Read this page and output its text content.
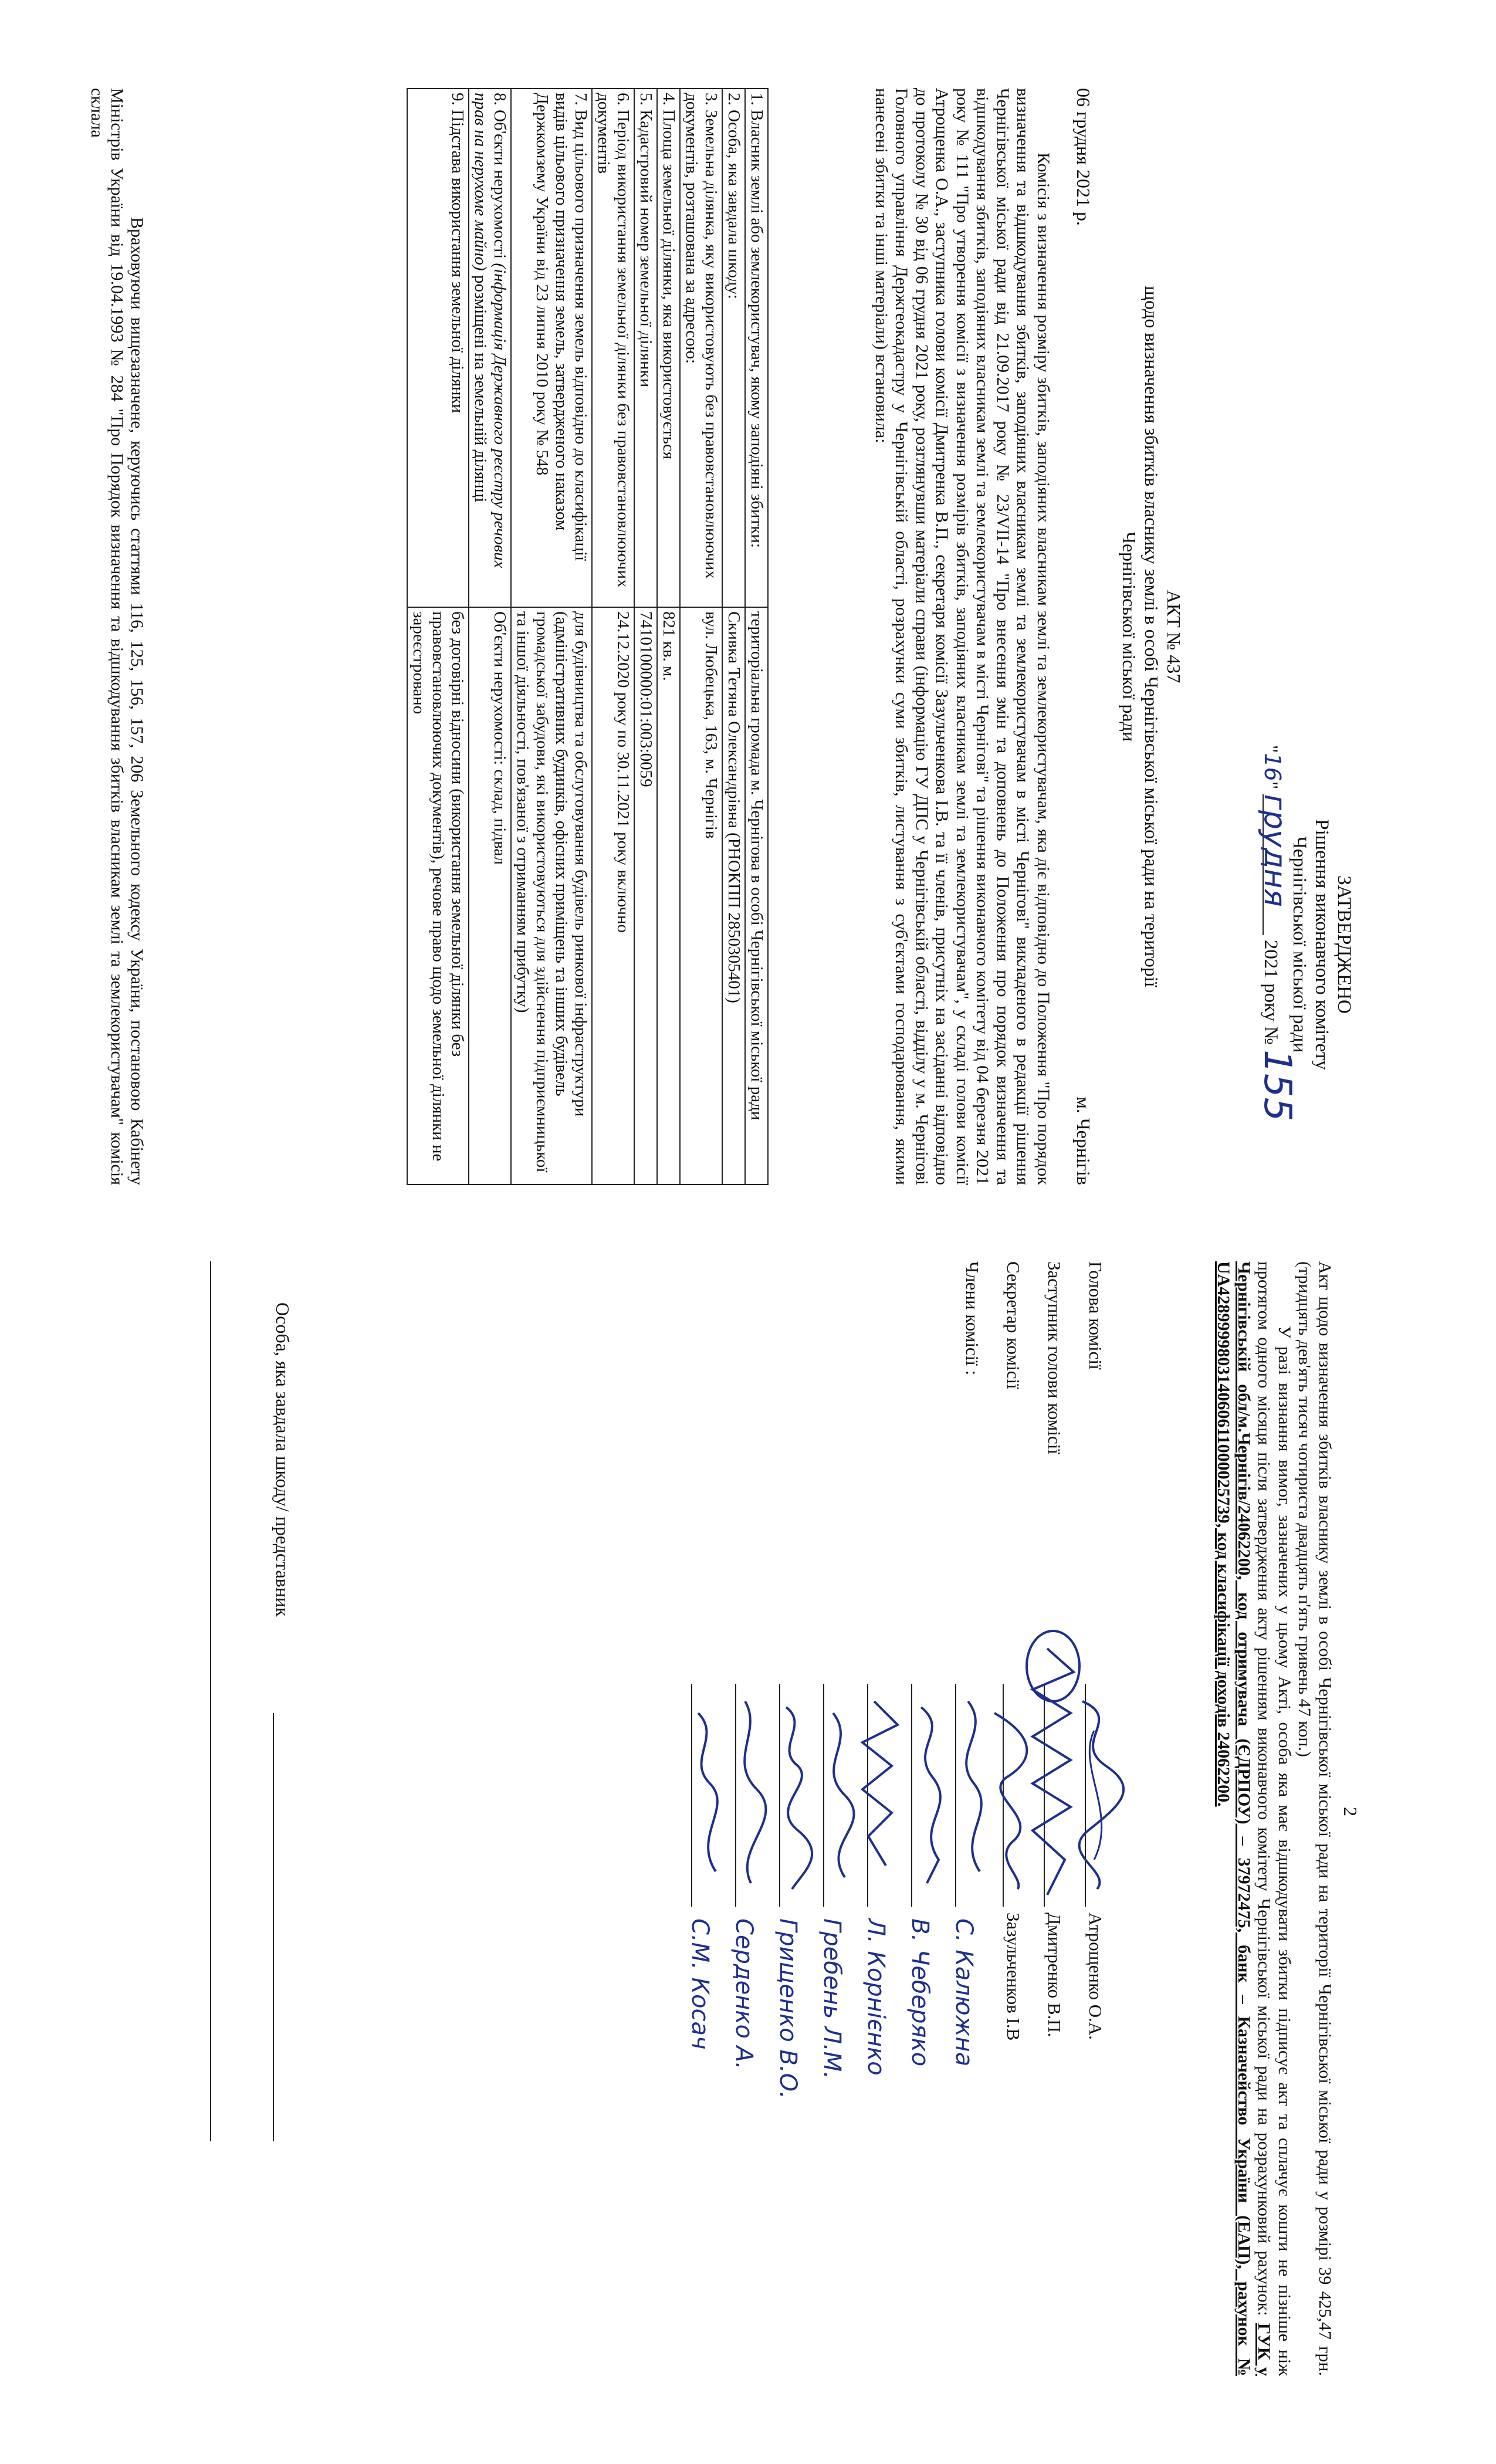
ЗАТВЕРДЖЕНО
Рішення виконавчого комітету
Чернігівської міської ради
"16" грудня 2021 року № 155
АКТ № 437
щодо визначення збитків власнику землі в особі Чернігівської міської ради на території
Чернігівської міської ради
06 грудня 2021 р.
м. Чернігів
Комісія з визначення розміру збитків, заподіяних власникам землі та землекористувачам, яка діє відповідно до Положення "Про порядок визначення та відшкодування збитків, заподіяних власникам землі та землекористувачам в місті Чернігові" викладеного в редакції рішення Чернігівської міської ради від 21.09.2017 року № 23/VII-14 "Про внесення змін та доповнень до Положення про порядок визначення та відшкодування збитків, заподіяних власникам землі та землекористувачам в місті Чернігові" та рішення виконавчого комітету від 04 березня 2021 року № 111 "Про утворення комісії з визначення розмірів збитків, заподіяних власникам землі та землекористувачам", у складі голови комісії Атрощенка О.А., заступника голови комісії Дмитренка В.П., секретаря комісії Зазульченкова І.В. та її членів, присутніх на засіданні відповідно до протоколу № 30 від 06 грудня 2021 року, розглянувши матеріали справи (інформацію ГУ ДПС у Чернігівській області, відділу у м. Чернігові Головного управління Держгеокадастру у Чернігівській області, розрахунки суми збитків, листування з суб'єктами господарювання, якими нанесені збитки та інші матеріали) встановила:
1. Власник землі або землекористувач, якому заподіяні збитки:	територіальна громада м. Чернігова в особі Чернігівської міської ради
2. Особа, яка завдала шкоду:	Скивка Тетяна Олександрівна (РНОКПП 2850305401)
3. Земельна ділянка, яку використовують без правовстановлюючих документів, розташована за адресою:	вул. Любецька, 163, м. Чернігів
4. Площа земельної ділянки, яка використовується	821 кв. м.
5. Кадастровий номер земельної ділянки	7410100000:01:003:0059
6. Період використання земельної ділянки без правовстановлюючих документів	24.12.2020 року по 30.11.2021 року включно
7. Вид цільового призначення земель відповідно до класифікації видів цільового призначення земель, затвердженого наказом Держкомзему України від 23 липня 2010 року № 548	для будівництва та обслуговування будівель ринкової інфраструктури (адміністративних будинків, офісних приміщень та інших будівель громадської забудови, які використовуються для здійснення підприємницької та іншої діяльності, пов'язаної з отриманням прибутку)
8. Об'єкти нерухомості (інформація Державного реєстру речових прав на нерухоме майно) розміщені на земельній ділянці	Об'єкти нерухомості: склад, підвал
9. Підстава використання земельної ділянки	без договірні відносини (використання земельної ділянки без правовстановлюючих документів), речове право щодо земельної ділянки не зареєстровано
Враховуючи вищезазначене, керуючись статтями 116, 125, 156, 157, 206 Земельного кодексу України, постановою Кабінету Міністрів України від 19.04.1993 № 284 "Про Порядок визначення та відшкодування збитків власникам землі та землекористувачам" комісія склала
2

Акт щодо визначення збитків власнику землі в особі Чернігівської міської ради на території Чернігівської міської ради у розмірі 39 425,47 грн. (тридцять дев'ять тисяч чотириста двадцять п'ять гривень 47 коп.)

У разі визнання вимог, зазначених у цьому Акті, особа яка має відшкодувати збитки підписує акт та сплачує кошти не пізніше ніж протягом одного місяця після затвердження акту рішенням виконавчого комітету Чернігівської міської ради на розрахунковий рахунок: ГУК у Чернігівській обл/м.Чернігів/24062200, код отримувача (ЄДРПОУ) – 37972475, банк – Казначейство України (ЕАП), рахунок № UA428999980314060611000025739, код класифікації доходів 24062200.

Голова комісії
Атрощенко О.А.
Заступник голови комісії
Дмитренко В.П.
Секретар комісії
Зазульченков І.В
Члени комісії :
С. Калюжна
В. Чеберяко
Л. Корнієнко
Гребень Л.М.
Грищенко В.О.
Серденко А.
С.М. Косач
Особа, яка завдала шкоду/ представник
